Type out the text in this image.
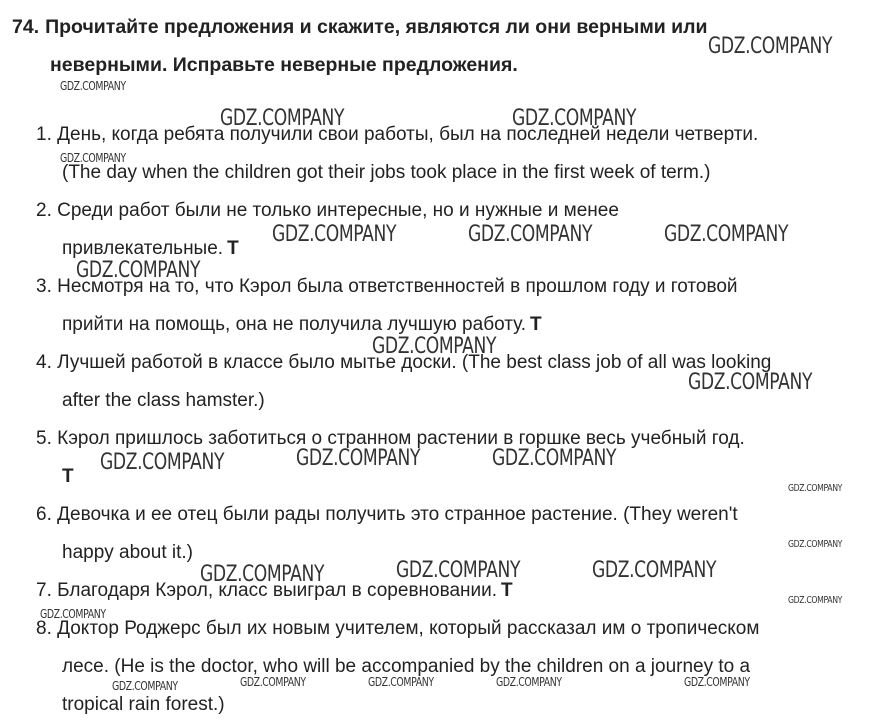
74. Прочитайте предложения и скажите, являются ли они верными или
неверными. Исправьте неверные предложения.
1. День, когда ребята получили свои работы, был на последней недели четверти.
(The day when the children got their jobs took place in the first week of term.)
2. Среди работ были не только интересные, но и нужные и менее
привлекательные. T
3. Несмотря на то, что Кэрол была ответственностей в прошлом году и готовой
прийти на помощь, она не получила лучшую работу. T
4. Лучшей работой в классе было мытье доски. (The best class job of all was looking
after the class hamster.)
5. Кэрол пришлось заботиться о странном растении в горшке весь учебный год.
T
6. Девочка и ее отец были рады получить это странное растение. (They weren't
happy about it.)
7. Благодаря Кэрол, класс выиграл в соревновании. T
8. Доктор Роджерс был их новым учителем, который рассказал им о тропическом
лесе. (He is the doctor, who will be accompanied by the children on a journey to a
tropical rain forest.)
GDZ.COMPANY
GDZ.COMPANY
GDZ.COMPANY	GDZ.COMPANY
GDZ.COMPANY
GDZ.COMPANY	GDZ.COMPANY	GDZ.COMPANY
GDZ.COMPANY
GDZ.COMPANY
GDZ.COMPANY
GDZ.COMPANY	GDZ.COMPANY	GDZ.COMPANY
GDZ.COMPANY
GDZ.COMPANY
GDZ.COMPANY	GDZ.COMPANY	GDZ.COMPANY
GDZ.COMPANY
GDZ.COMPANY
GDZ.COMPANY	GDZ.COMPANY	GDZ.COMPANY	GDZ.COMPANY	GDZ.COMPANY
